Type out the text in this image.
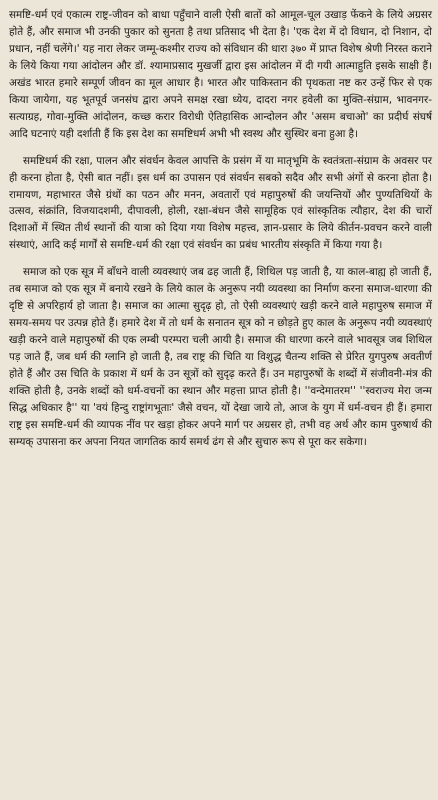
समष्टि-धर्म एवं एकात्म राष्ट्र-जीवन को बाधा पहुँचाने वाली ऐसी बातों को आमूल-चूल उखाड़ फेंकने के लिये अग्रसर होते हैं, और समाज भी उनकी पुकार को सुनता है तथा प्रतिसाद भी देता है। 'एक देश में दो विधान, दो निशान, दो प्रधान, नहीं चलेंगे।' यह नारा लेकर जम्मू-कश्मीर राज्य को संविधान की धारा ३७० में प्राप्त विशेष श्रेणी निरस्त कराने के लिये किया गया आंदोलन और डॉ. श्यामाप्रसाद मुखर्जी द्वारा इस आंदोलन में दी गयी आत्माहुति इसके साक्षी हैं। अखंड भारत हमारे सम्पूर्ण जीवन का मूल आधार है। भारत और पाकिस्तान की पृथकता नष्ट कर उन्हें फिर से एक किया जायेगा, यह भूतपूर्व जनसंघ द्वारा अपने समक्ष रखा ध्येय, दादरा नगर हवेली का मुक्ति-संग्राम, भावनगर-सत्याग्रह, गोवा-मुक्ति आंदोलन, कच्छ करार विरोधी ऐतिहासिक आन्दोलन और 'असम बचाओ' का प्रदीर्घ संघर्ष आदि घटनाएं यही दर्शाती हैं कि इस देश का समष्टिधर्म अभी भी स्वस्थ और सुस्थिर बना हुआ है।

समष्टिधर्म की रक्षा, पालन और संवर्धन केवल आपत्ति के प्रसंग में या मातृभूमि के स्वतंत्रता-संग्राम के अवसर पर ही करना होता है, ऐसी बात नहीं। इस धर्म का उपासन एवं संवर्धन सबको सदैव और सभी अंगों से करना होता है। रामायण, महाभारत जैसे ग्रंथों का पठन और मनन, अवतारों एवं महापुरुषों की जयन्तियों और पुण्यतिथियों के उत्सव, संक्रांति, विजयादशमी, दीपावली, होली, रक्षा-बंधन जैसे सामूहिक एवं सांस्कृतिक त्यौहार, देश की चारों दिशाओं में स्थित तीर्थ स्थानों की यात्रा को दिया गया विशेष महत्त्व, ज्ञान-प्रसार के लिये कीर्तन-प्रवचन करने वाली संस्थाएं, आदि कई मार्गों से समष्टि-धर्म की रक्षा एवं संवर्धन का प्रबंध भारतीय संस्कृति में किया गया है।

समाज को एक सूत्र में बाँधने वाली व्यवस्थाएं जब ढह जाती हैं, शिथिल पड़ जाती है, या काल-बाह्य हो जाती हैं, तब समाज को एक सूत्र में बनाये रखने के लिये काल के अनुरूप नयी व्यवस्था का निर्माण करना समाज-धारणा की दृष्टि से अपरिहार्य हो जाता है। समाज का आत्मा सुदृढ़ हो, तो ऐसी व्यवस्थाएं खड़ी करने वाले महापुरुष समाज में समय-समय पर उत्पन्न होते हैं। हमारे देश में तो धर्म के सनातन सूत्र को न छोड़ते हुए काल के अनुरूप नयी व्यवस्थाएं खड़ी करने वाले महापुरुषों की एक लम्बी परम्परा चली आयी है। समाज की धारणा करने वाले भावसूत्र जब शिथिल पड़ जाते हैं, जब धर्म की ग्लानि हो जाती है, तब राष्ट्र की चिति या विशुद्ध चैतन्य शक्ति से प्रेरित युगपुरुष अवतीर्ण होते हैं और उस चिति के प्रकाश में धर्म के उन सूत्रों को सुदृढ़ करते हैं। उन महापुरुषों के शब्दों में संजीवनी-मंत्र की शक्ति होती है, उनके शब्दों को धर्म-वचनों का स्थान और महत्ता प्राप्त होती है। ''वन्देमातरम'' ''स्वराज्य मेरा जन्म सिद्ध अधिकार है'' या 'वयं हिन्दु राष्ट्रांगभूताः' जैसे वचन, यों देखा जाये तो, आज के युग में धर्म-वचन ही हैं। हमारा राष्ट्र इस समष्टि-धर्म की व्यापक नींव पर खड़ा होकर अपने मार्ग पर अग्रसर हो, तभी वह अर्थ और काम पुरुषार्थ की सम्यक् उपासना कर अपना नियत जागतिक कार्य समर्थ ढंग से और सुचारु रूप से पूरा कर सकेगा।
